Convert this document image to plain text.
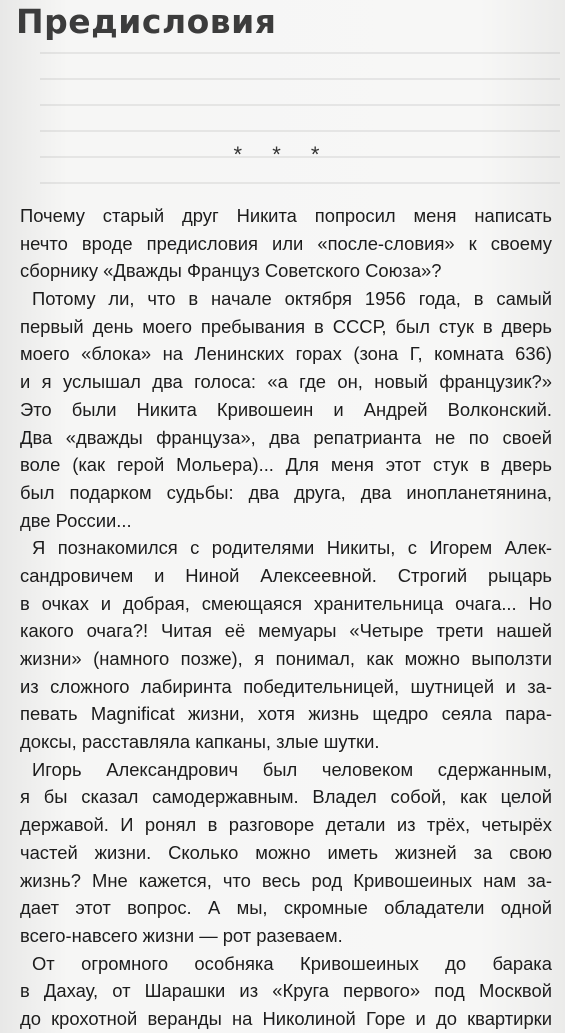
Предисловия
* * *
Почему старый друг Никита попросил меня написать
нечто вроде предисловия или «после-словия» к своему
сборнику «Дважды Француз Советского Союза»?
Потому ли, что в начале октября 1956 года, в самый
первый день моего пребывания в СССР, был стук в дверь
моего «блока» на Ленинских горах (зона Г, комната 636)
и я услышал два голоса: «а где он, новый французик?»
Это были Никита Кривошеин и Андрей Волконский.
Два «дважды француза», два репатрианта не по своей
воле (как герой Мольера)... Для меня этот стук в дверь
был подарком судьбы: два друга, два инопланетянина,
две России...
Я познакомился с родителями Никиты, с Игорем Алек-
сандровичем и Ниной Алексеевной. Строгий рыцарь
в очках и добрая, смеющаяся хранительница очага... Но
какого очага?! Читая её мемуары «Четыре трети нашей
жизни» (намного позже), я понимал, как можно выползти
из сложного лабиринта победительницей, шутницей и за-
певать Magnificat жизни, хотя жизнь щедро сеяла пара-
доксы, расставляла капканы, злые шутки.
Игорь Александрович был человеком сдержанным,
я бы сказал самодержавным. Владел собой, как целой
державой. И ронял в разговоре детали из трёх, четырёх
частей жизни. Сколько можно иметь жизней за свою
жизнь? Мне кажется, что весь род Кривошеиных нам за-
дает этот вопрос. А мы, скромные обладатели одной
всего-навсего жизни — рот разеваем.
От огромного особняка Кривошеиных до барака
в Дахау, от Шарашки из «Круга первого» под Москвой
до крохотной веранды на Николиной Горе и до квартирки
